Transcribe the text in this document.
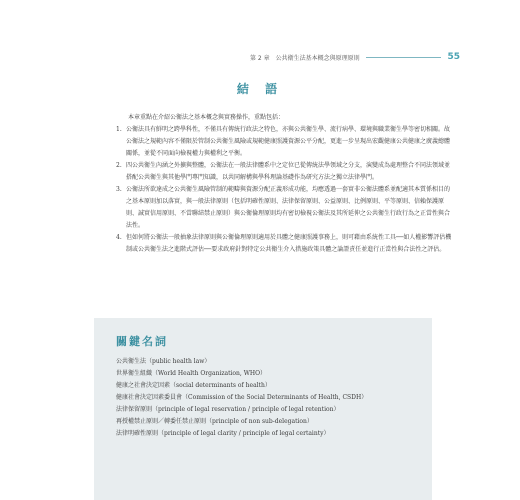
第 2 章 公共衛生法基本概念與原理原則	55
結 語

本章重點在介紹公衛法之基本概念與實務操作，重點包括：

1. 公衛法具有鮮明之跨學科性，不僅具有傳統行政法之特色，亦與公共衛生學、流行病學、環境與職業衛生學等密切相關。故公衛法之規範內容不僅限於管制公共衛生風險或規範健康照護資源公平分配，更進一步呈現出宏觀健康公共健康之廣義總體關係，並從不同面向檢視權力與權利之平衡。
2. 四公共衛生內涵之外擴與整體，公衛法在一般法律體系中之定位已從傳統法學領域之分支，演變成為處理整合不同法領域並搭配公共衛生與其他學門專門知識，以共同解構與學科理論基礎作為研究方法之獨立法律學門。
3. 公衛法所欲達成之公共衛生風險管制的範疇與資源分配正義形成功能，均應透過一套實非公衛法體系並配適其本質係相目的之基本原則加以落實，與一般法律原則（包括明確性原則、法律保留原則、公益原則、比例原則、平等原則、信賴保護原則、誠實信用原則、不當聯結禁止原則）與公衛倫理原則均有密切檢視公衛法及其所延伸之公共衛生行政行為之正當性與合法性。
4. 但如何將公衛法一般抽象法律原則與公衛倫理原則適用於具體之健康照護事務上，則可藉由系統性工具──如人權影響評估機制或公共衛生法之進階式評估──要求政府針對特定公共衛生介入措施政策具體之論證責任並進行正當性與合法性之評估。
關鍵名詞
公共衛生法（public health law）
世界衛生組織（World Health Organization, WHO）
健康之社會決定因素（social determinants of health）
健康社會決定因素委員會（Commission of the Social Determinants of Health, CSDH）
法律保留原則（principle of legal reservation / principle of legal retention）
再授權禁止原則／轉委任禁止原則（principle of non sub-delegation）
法律明確性原則（principle of legal clarity / principle of legal certainty）
